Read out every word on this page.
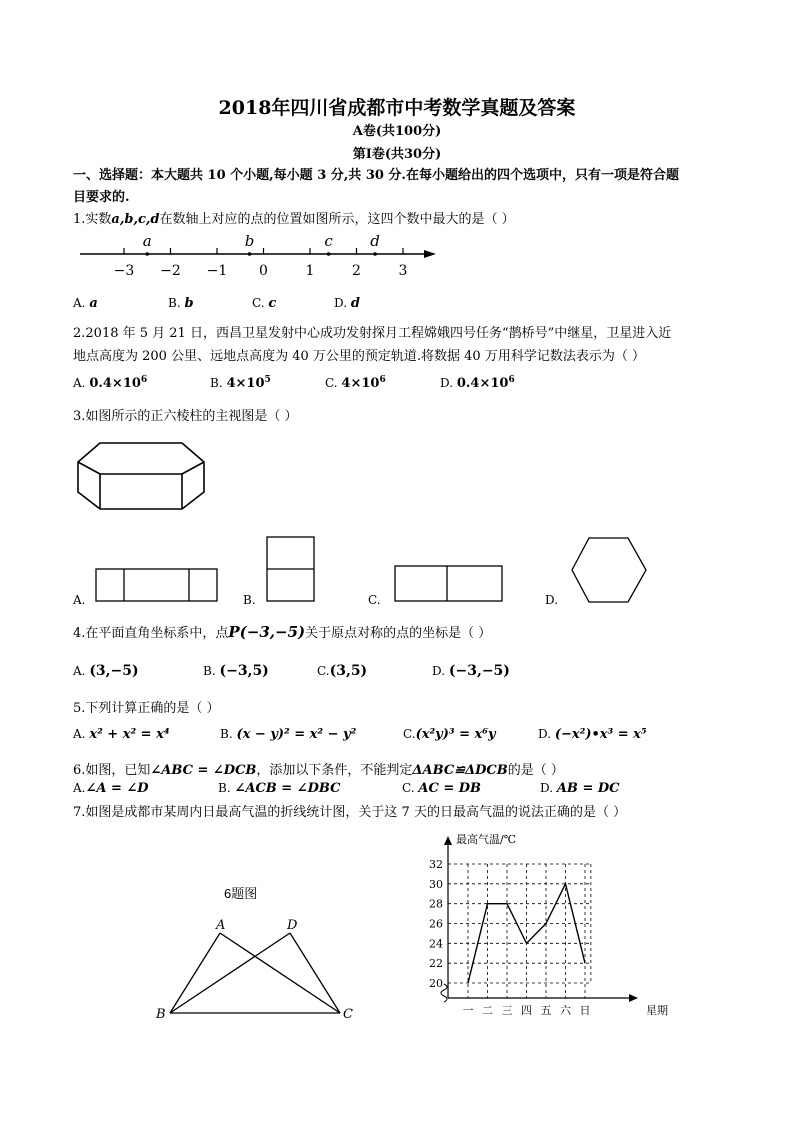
2018年四川省成都市中考数学真题及答案
A卷(共100分)
第Ⅰ卷(共30分)
一、选择题：本大题共 10 个小题,每小题 3 分,共 30 分.在每小题给出的四个选项中，只有一项是符合题
目要求的.
1.实数a,b,c,d在数轴上对应的点的位置如图所示，这四个数中最大的是（ ）
−3 −2 −1 0	1	2	3
a	b	c d
A. a	B. b	C. c	D. d
2.2018 年 5 月 21 日，西昌卫星发射中心成功发射探月工程嫦娥四号任务“鹊桥号”中继星，卫星进入近
地点高度为 200 公里、远地点高度为 40 万公里的预定轨道.将数据 40 万用科学记数法表示为（ ）
A. $0.4\times 10^6$	B. $4\times 10^5$	C. $4\times 10^6$	D. $0.4\times 10^6$
3.如图所示的正六棱柱的主视图是（ ）
A.	B.	C.	D.
4.在平面直角坐标系中，点P(−3,−5)关于原点对称的点的坐标是（ ）
A. (3,−5)	B. (−3,5)	C.(3,5)	D. (−3,−5)
5.下列计算正确的是（ ）
A. x² + x² = x⁴	B. (x − y)² = x² − y²	C.(x²y)³ = x⁶y	D. (−x²)•x³ = x⁵
6.如图，已知∠ABC = ∠DCB，添加以下条件，不能判定ΔABC≌ΔDCB的是（ ）
A.∠A = ∠D	B. ∠ACB = ∠DBC	C. AC = DB	D. AB = DC
7.如图是成都市某周内日最高气温的折线统计图，关于这 7 天的日最高气温的说法正确的是（ ）
6题图
A	D
B	C
最高气温/℃
星期
20
22
24
26
28
30
32
一 二 三 四 五 六 日
